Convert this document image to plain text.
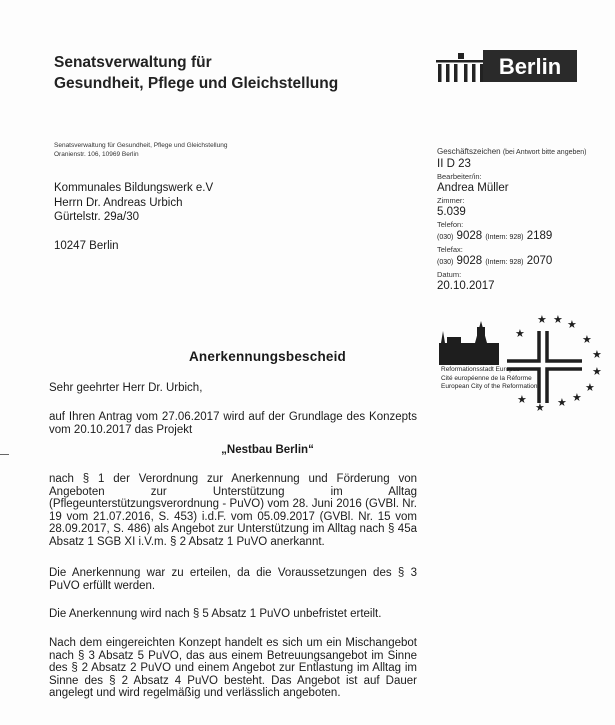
Senatsverwaltung für
Gesundheit, Pflege und Gleichstellung
Berlin
Senatsverwaltung für Gesundheit, Pflege und Gleichstellung
Oranienstr. 106, 10969 Berlin
Kommunales Bildungswerk e.V
Herrn Dr. Andreas Urbich
Gürtelstr. 29a/30
10247 Berlin
Geschäftszeichen (bei Antwort bitte angeben)
II D 23
Bearbeiter/in:
Andrea Müller
Zimmer:
5.039
Telefon:
(030) 9028 (Intern: 928) 2189
Telefax:
(030) 9028 (Intern: 928) 2070
Datum:
20.10.2017
★ ★ ★
★	★
★
★
★
★ ★
★
★
Reformationsstadt Europas
Cité européenne de la Réforme
European City of the Reformation
Anerkennungsbescheid
Sehr geehrter Herr Dr. Urbich,
auf Ihren Antrag vom 27.06.2017 wird auf der Grundlage des Konzepts vom 20.10.2017 das Projekt
„Nestbau Berlin“
nach § 1 der Verordnung zur Anerkennung und Förderung von Angeboten zur Unterstützung im Alltag (Pflegeunterstützungsverordnung - PuVO) vom 28. Juni 2016 (GVBl. Nr. 19 vom 21.07.2016, S. 453) i.d.F. vom 05.09.2017 (GVBl. Nr. 15 vom 28.09.2017, S. 486) als Angebot zur Unterstützung im Alltag nach § 45a Absatz 1 SGB XI i.V.m. § 2 Absatz 1 PuVO anerkannt.
Die Anerkennung war zu erteilen, da die Voraussetzungen des § 3 PuVO erfüllt werden.
Die Anerkennung wird nach § 5 Absatz 1 PuVO unbefristet erteilt.
Nach dem eingereichten Konzept handelt es sich um ein Mischangebot nach § 3 Absatz 5 PuVO, das aus einem Betreuungsangebot im Sinne des § 2 Absatz 2 PuVO und einem Angebot zur Entlastung im Alltag im Sinne des § 2 Absatz 4 PuVO besteht. Das Angebot ist auf Dauer angelegt und wird regelmäßig und verlässlich angeboten.
